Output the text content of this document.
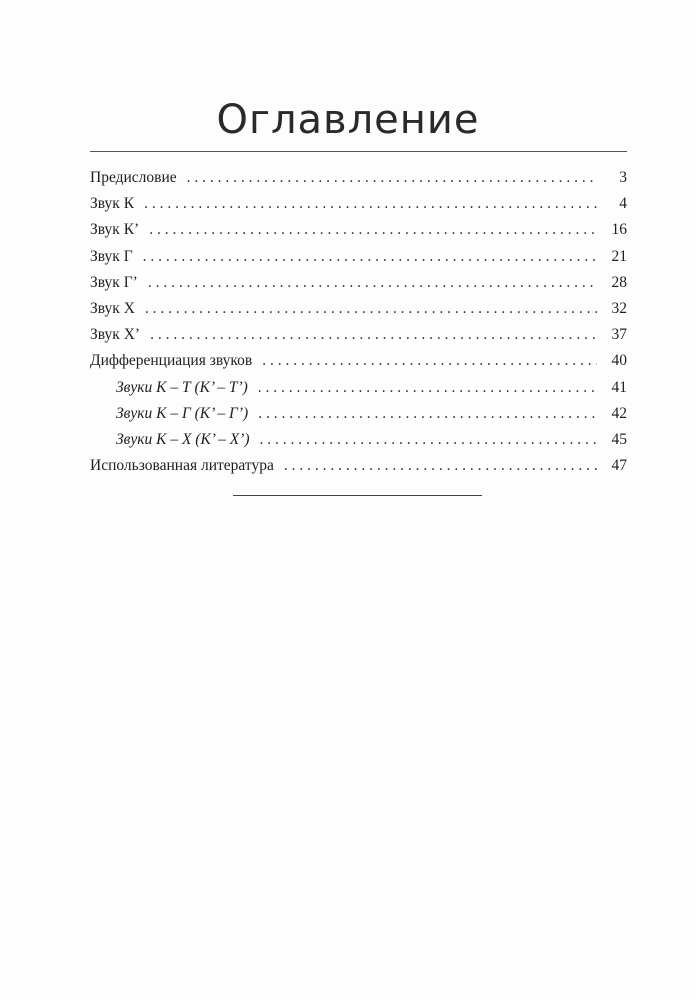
Оглавление
Предисловие . . .	3
Звук К . . .	4
Звук К’ . . .	16
Звук Г . . .	21
Звук Г’ . . .	28
Звук Х . . .	32
Звук Х’ . . .	37
Дифференциация звуков . . .	40
Звуки К – Т (К’ – Т’) . . .	41
Звуки К – Г (К’ – Г’) . . .	42
Звуки К – Х (К’ – Х’) . . .	45
Использованная литература . . .	47
